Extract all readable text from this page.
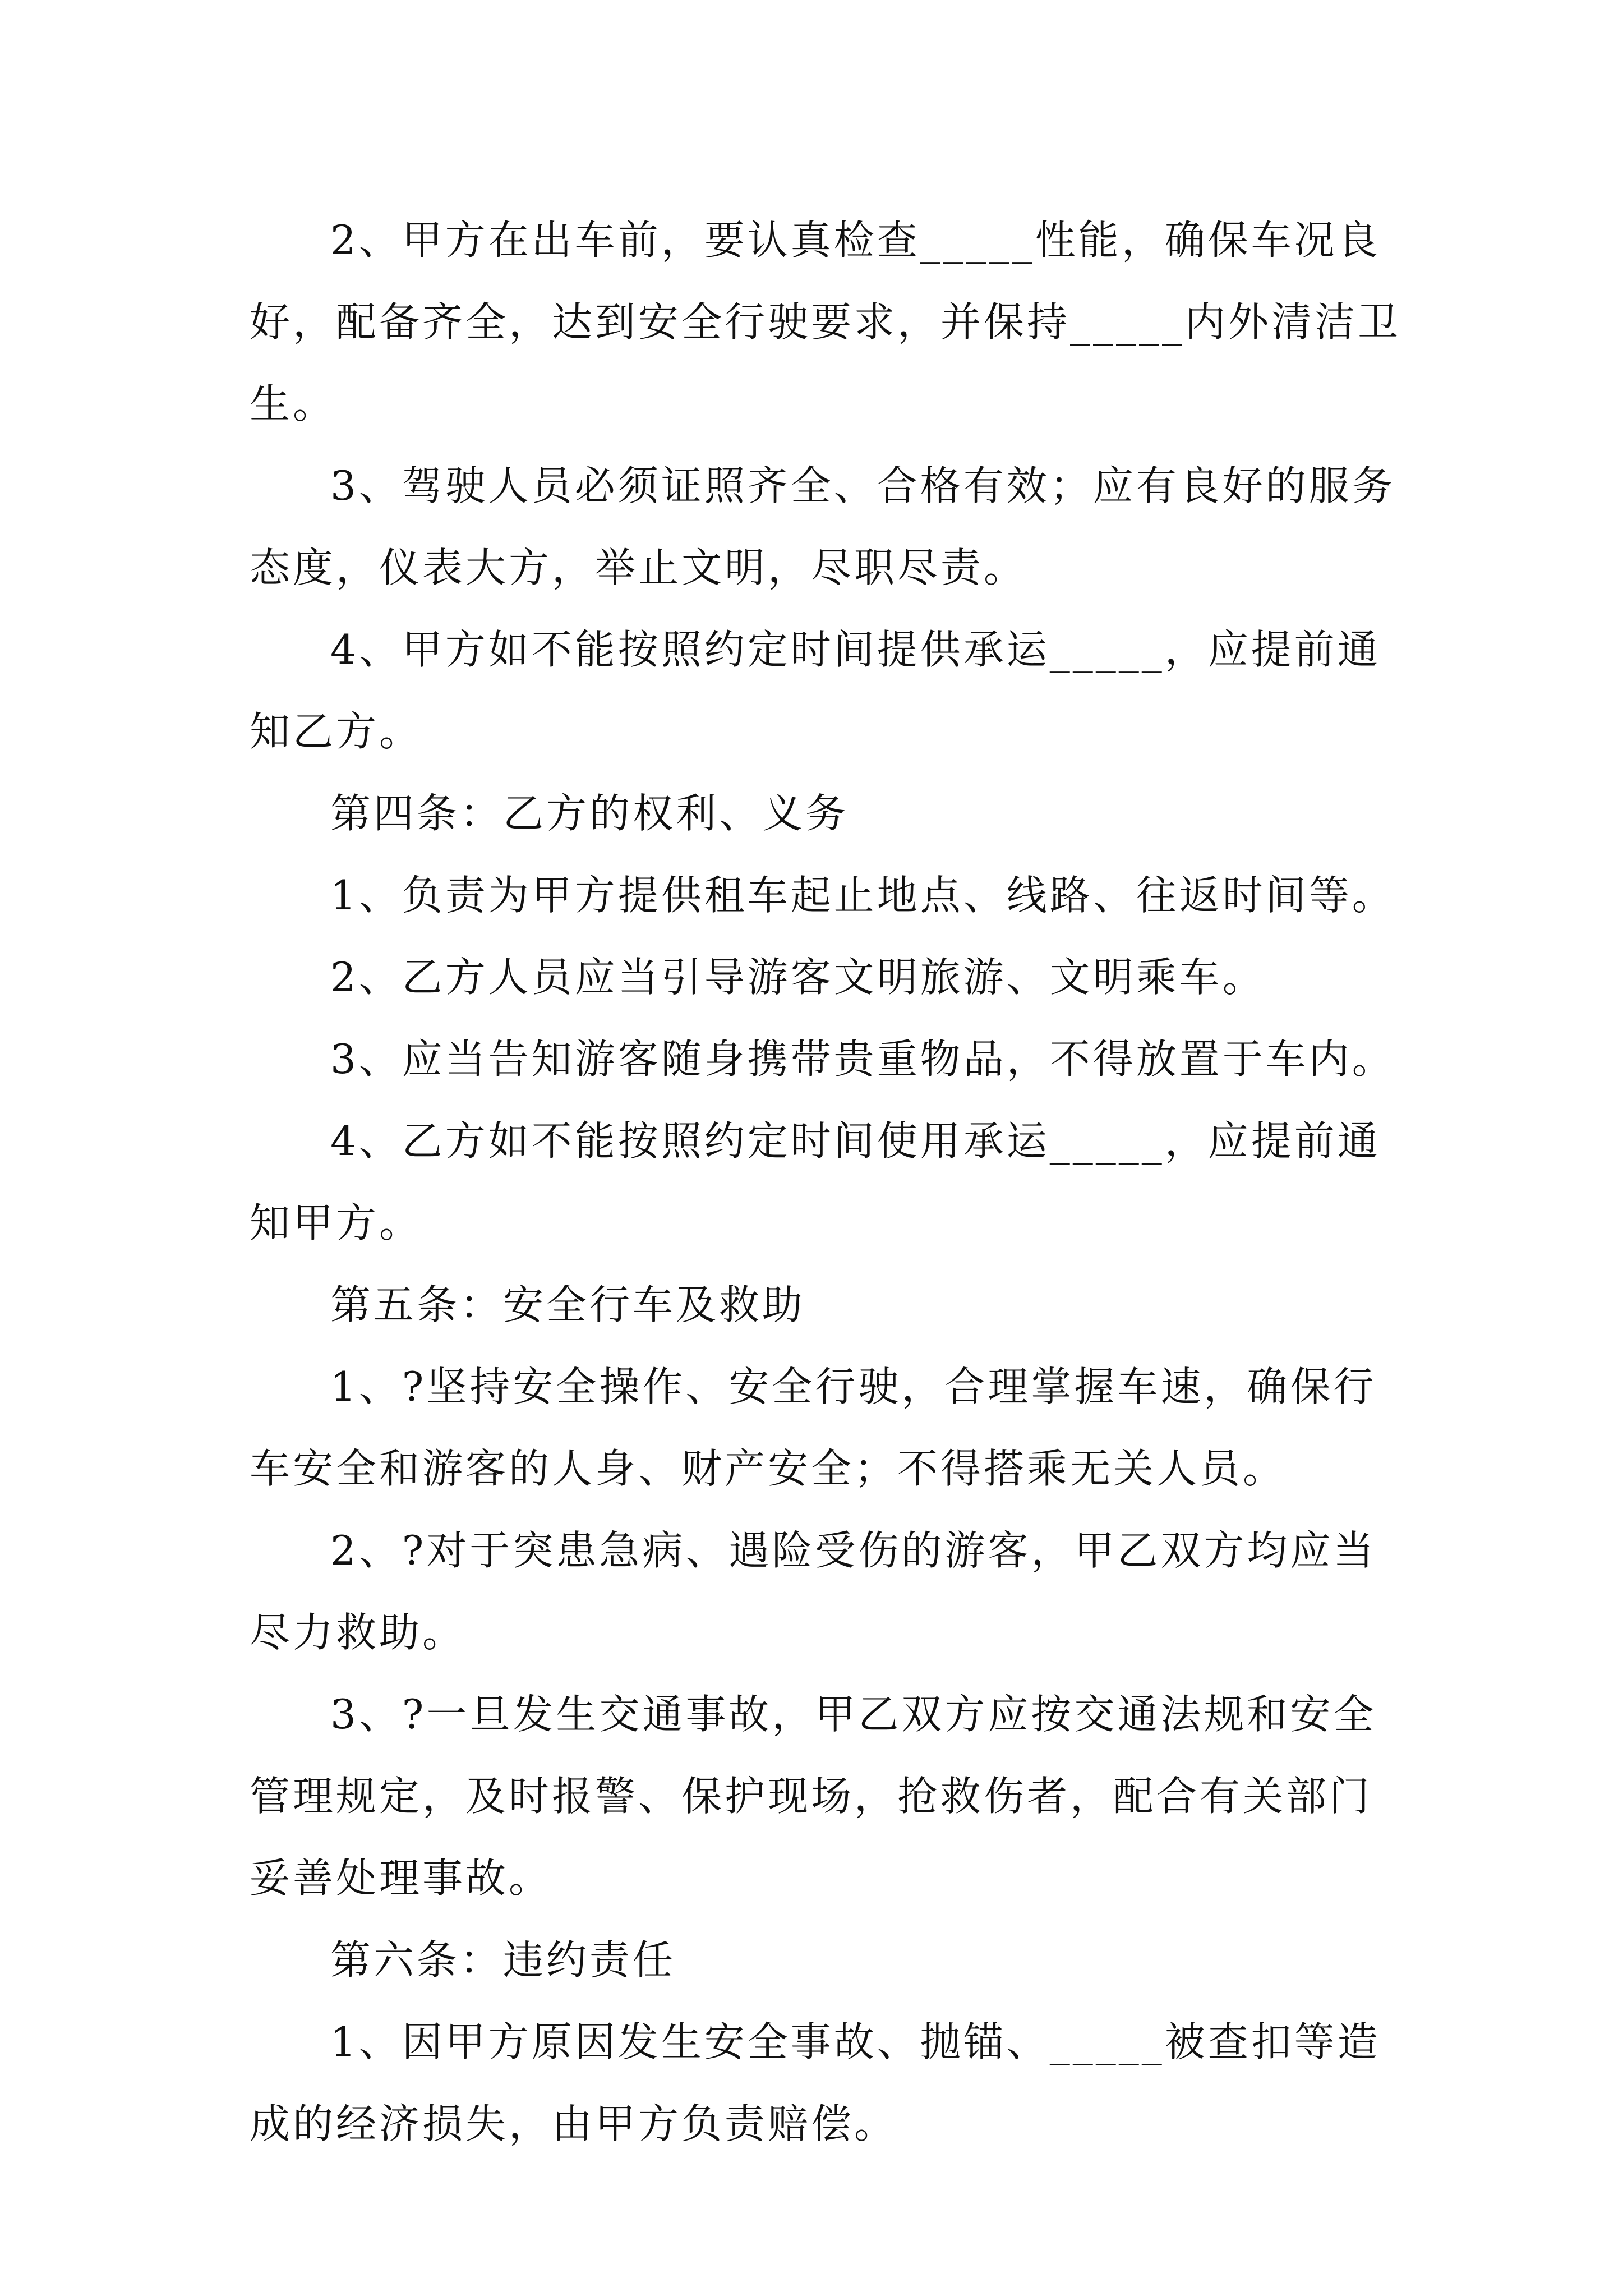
2、甲方在出车前，要认真检查_____性能，确保车况良好，配备齐全，达到安全行驶要求，并保持_____内外清洁卫生。

3、驾驶人员必须证照齐全、合格有效；应有良好的服务态度，仪表大方，举止文明，尽职尽责。

4、甲方如不能按照约定时间提供承运_____，应提前通知乙方。

第四条：乙方的权利、义务

1、负责为甲方提供租车起止地点、线路、往返时间等。

2、乙方人员应当引导游客文明旅游、文明乘车。

3、应当告知游客随身携带贵重物品，不得放置于车内。

4、乙方如不能按照约定时间使用承运_____，应提前通知甲方。

第五条：安全行车及救助

1、?坚持安全操作、安全行驶，合理掌握车速，确保行车安全和游客的人身、财产安全；不得搭乘无关人员。

2、?对于突患急病、遇险受伤的游客，甲乙双方均应当尽力救助。

3、?一旦发生交通事故，甲乙双方应按交通法规和安全管理规定，及时报警、保护现场，抢救伤者，配合有关部门妥善处理事故。

第六条：违约责任

1、因甲方原因发生安全事故、抛锚、_____被查扣等造成的经济损失，由甲方负责赔偿。
